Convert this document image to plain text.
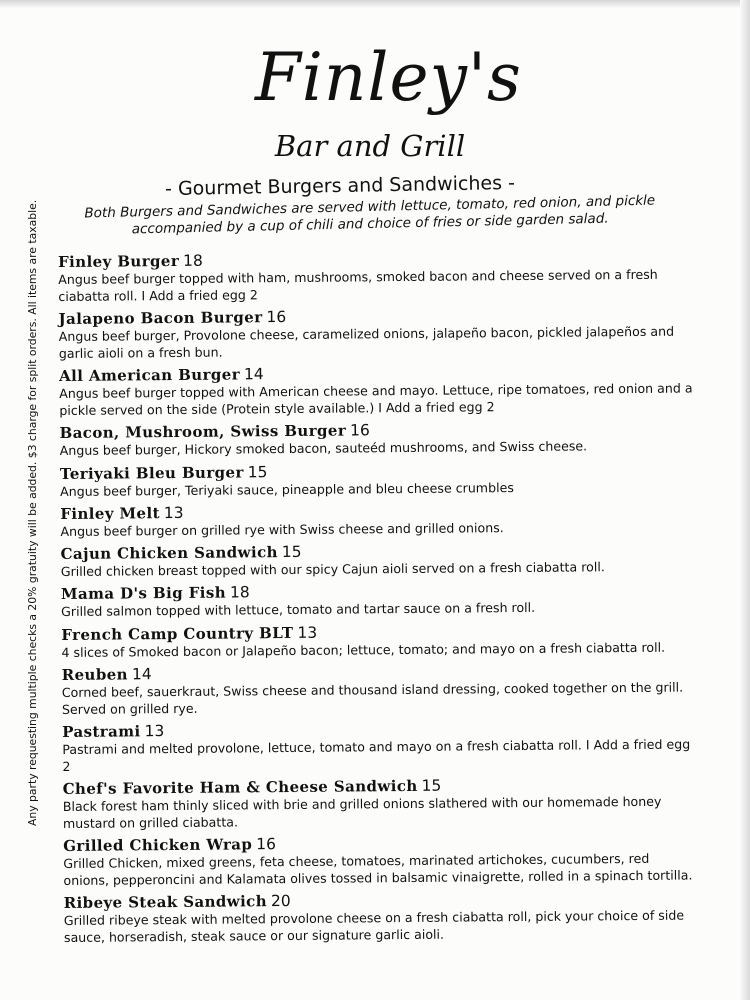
Finley's
Bar and Grill
- Gourmet Burgers and Sandwiches -
Both Burgers and Sandwiches are served with lettuce, tomato, red onion, and pickle accompanied by a cup of chili and choice of fries or side garden salad.
Any party requesting multiple checks a 20% gratuity will be added. $3 charge for split orders. All items are taxable.	Finley Burger 18
Angus beef burger topped with ham, mushrooms, smoked bacon and cheese served on a fresh ciabatta roll. I Add a fried egg 2
Jalapeno Bacon Burger 16
Angus beef burger, Provolone cheese, caramelized onions, jalapeño bacon, pickled jalapeños and garlic aioli on a fresh bun.
All American Burger 14
Angus beef burger topped with American cheese and mayo. Lettuce, ripe tomatoes, red onion and a pickle served on the side (Protein style available.) I Add a fried egg 2
Bacon, Mushroom, Swiss Burger 16
Angus beef burger, Hickory smoked bacon, sauteéd mushrooms, and Swiss cheese.
Teriyaki Bleu Burger 15
Angus beef burger, Teriyaki sauce, pineapple and bleu cheese crumbles
Finley Melt 13
Angus beef burger on grilled rye with Swiss cheese and grilled onions.
Cajun Chicken Sandwich 15
Grilled chicken breast topped with our spicy Cajun aioli served on a fresh ciabatta roll.
Mama D's Big Fish 18
Grilled salmon topped with lettuce, tomato and tartar sauce on a fresh roll.
French Camp Country BLT 13
4 slices of Smoked bacon or Jalapeño bacon; lettuce, tomato; and mayo on a fresh ciabatta roll.
Reuben 14
Corned beef, sauerkraut, Swiss cheese and thousand island dressing, cooked together on the grill. Served on grilled rye.
Pastrami 13
Pastrami and melted provolone, lettuce, tomato and mayo on a fresh ciabatta roll. I Add a fried egg 2
Chef's Favorite Ham & Cheese Sandwich 15
Black forest ham thinly sliced with brie and grilled onions slathered with our homemade honey mustard on grilled ciabatta.
Grilled Chicken Wrap 16
Grilled Chicken, mixed greens, feta cheese, tomatoes, marinated artichokes, cucumbers, red onions, pepperoncini and Kalamata olives tossed in balsamic vinaigrette, rolled in a spinach tortilla.
Ribeye Steak Sandwich 20
Grilled ribeye steak with melted provolone cheese on a fresh ciabatta roll, pick your choice of side sauce, horseradish, steak sauce or our signature garlic aioli.
